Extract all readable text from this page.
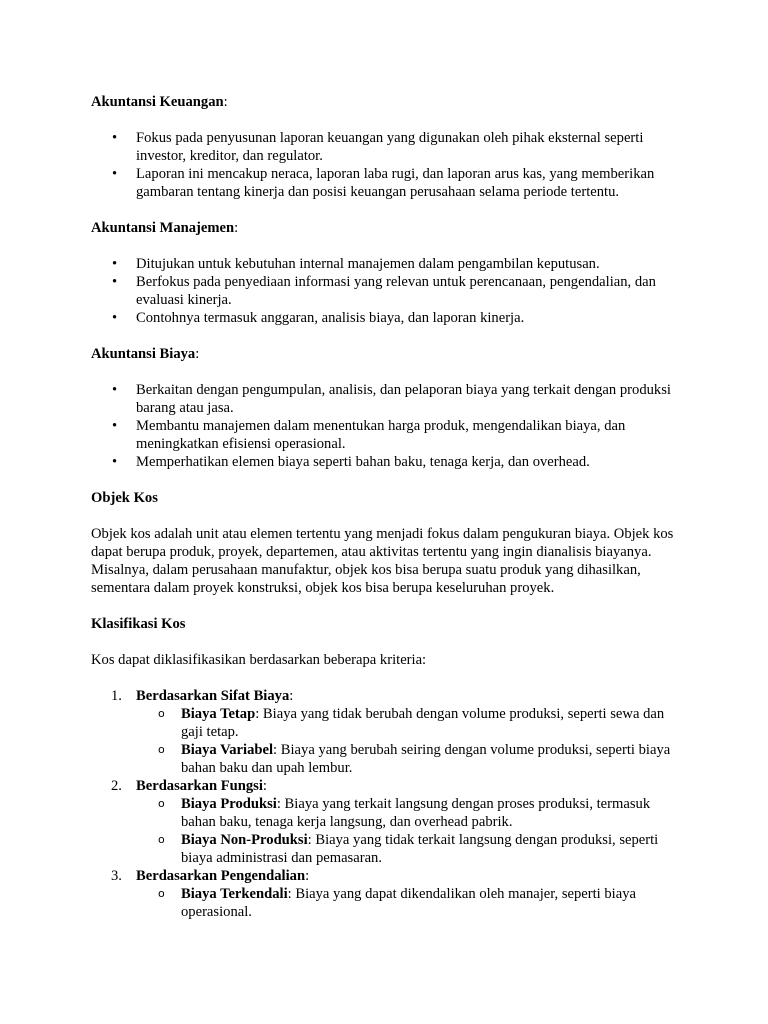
Akuntansi Keuangan:

• Fokus pada penyusunan laporan keuangan yang digunakan oleh pihak eksternal seperti investor, kreditor, dan regulator.
• Laporan ini mencakup neraca, laporan laba rugi, dan laporan arus kas, yang memberikan gambaran tentang kinerja dan posisi keuangan perusahaan selama periode tertentu.

Akuntansi Manajemen:

• Ditujukan untuk kebutuhan internal manajemen dalam pengambilan keputusan.
• Berfokus pada penyediaan informasi yang relevan untuk perencanaan, pengendalian, dan evaluasi kinerja.
• Contohnya termasuk anggaran, analisis biaya, dan laporan kinerja.

Akuntansi Biaya:

• Berkaitan dengan pengumpulan, analisis, dan pelaporan biaya yang terkait dengan produksi barang atau jasa.
• Membantu manajemen dalam menentukan harga produk, mengendalikan biaya, dan meningkatkan efisiensi operasional.
• Memperhatikan elemen biaya seperti bahan baku, tenaga kerja, dan overhead.

Objek Kos

Objek kos adalah unit atau elemen tertentu yang menjadi fokus dalam pengukuran biaya. Objek kos dapat berupa produk, proyek, departemen, atau aktivitas tertentu yang ingin dianalisis biayanya. Misalnya, dalam perusahaan manufaktur, objek kos bisa berupa suatu produk yang dihasilkan, sementara dalam proyek konstruksi, objek kos bisa berupa keseluruhan proyek.

Klasifikasi Kos

Kos dapat diklasifikasikan berdasarkan beberapa kriteria:

1. Berdasarkan Sifat Biaya:
o Biaya Tetap: Biaya yang tidak berubah dengan volume produksi, seperti sewa dan gaji tetap.
o Biaya Variabel: Biaya yang berubah seiring dengan volume produksi, seperti biaya bahan baku dan upah lembur.
2. Berdasarkan Fungsi:
o Biaya Produksi: Biaya yang terkait langsung dengan proses produksi, termasuk bahan baku, tenaga kerja langsung, dan overhead pabrik.
o Biaya Non-Produksi: Biaya yang tidak terkait langsung dengan produksi, seperti biaya administrasi dan pemasaran.
3. Berdasarkan Pengendalian:
o Biaya Terkendali: Biaya yang dapat dikendalikan oleh manajer, seperti biaya operasional.
